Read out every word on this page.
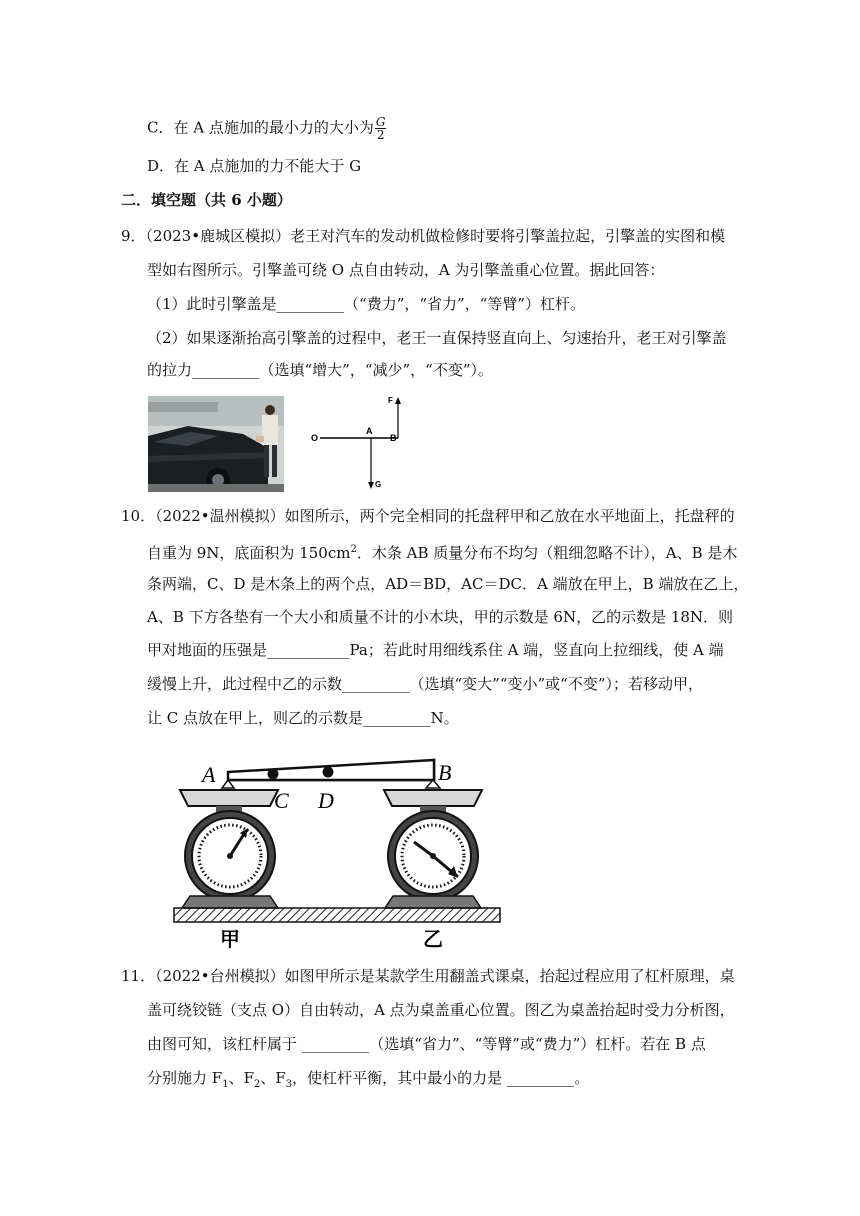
C．在 A 点施加的最小力的大小为 $\frac{G}{2}$
D．在 A 点施加的力不能大于 G
二．填空题（共 6 小题）
9．（2023•鹿城区模拟）老王对汽车的发动机做检修时要将引擎盖拉起，引擎盖的实图和模
型如右图所示。引擎盖可绕 O 点自由转动，A 为引擎盖重心位置。据此回答：
（1）此时引擎盖是_________（“费力”，“省力”，“等臂”）杠杆。
（2）如果逐渐抬高引擎盖的过程中，老王一直保持竖直向上、匀速抬升，老王对引擎盖
的拉力_________（选填“增大”，“减少”，“不变”）。
O
A
B
F
G
10．（2022•温州模拟）如图所示，两个完全相同的托盘秤甲和乙放在水平地面上，托盘秤的
自重为 9N，底面积为 $150cm^2$．木条 AB 质量分布不均匀（粗细忽略不计），A、B 是木
条两端，C、D 是木条上的两个点，AD＝BD，AC＝DC．A 端放在甲上，B 端放在乙上，
A、B 下方各垫有一个大小和质量不计的小木块，甲的示数是 6N，乙的示数是 18N．则
甲对地面的压强是___________Pa；若此时用细线系住 A 端，竖直向上拉细线，使 A 端
缓慢上升，此过程中乙的示数_________（选填“变大”“变小”或“不变”）；若移动甲，
让 C 点放在甲上，则乙的示数是_________N。
A	B
C D
甲	乙
11．（2022•台州模拟）如图甲所示是某款学生用翻盖式课桌，抬起过程应用了杠杆原理，桌
盖可绕铰链（支点 O）自由转动，A 点为桌盖重心位置。图乙为桌盖抬起时受力分析图，
由图可知，该杠杆属于 _________（选填“省力”、“等臂”或“费力”）杠杆。若在 B 点
分别施力 $F_1$、$F_2$、$F_3$，使杠杆平衡，其中最小的力是 _________。
